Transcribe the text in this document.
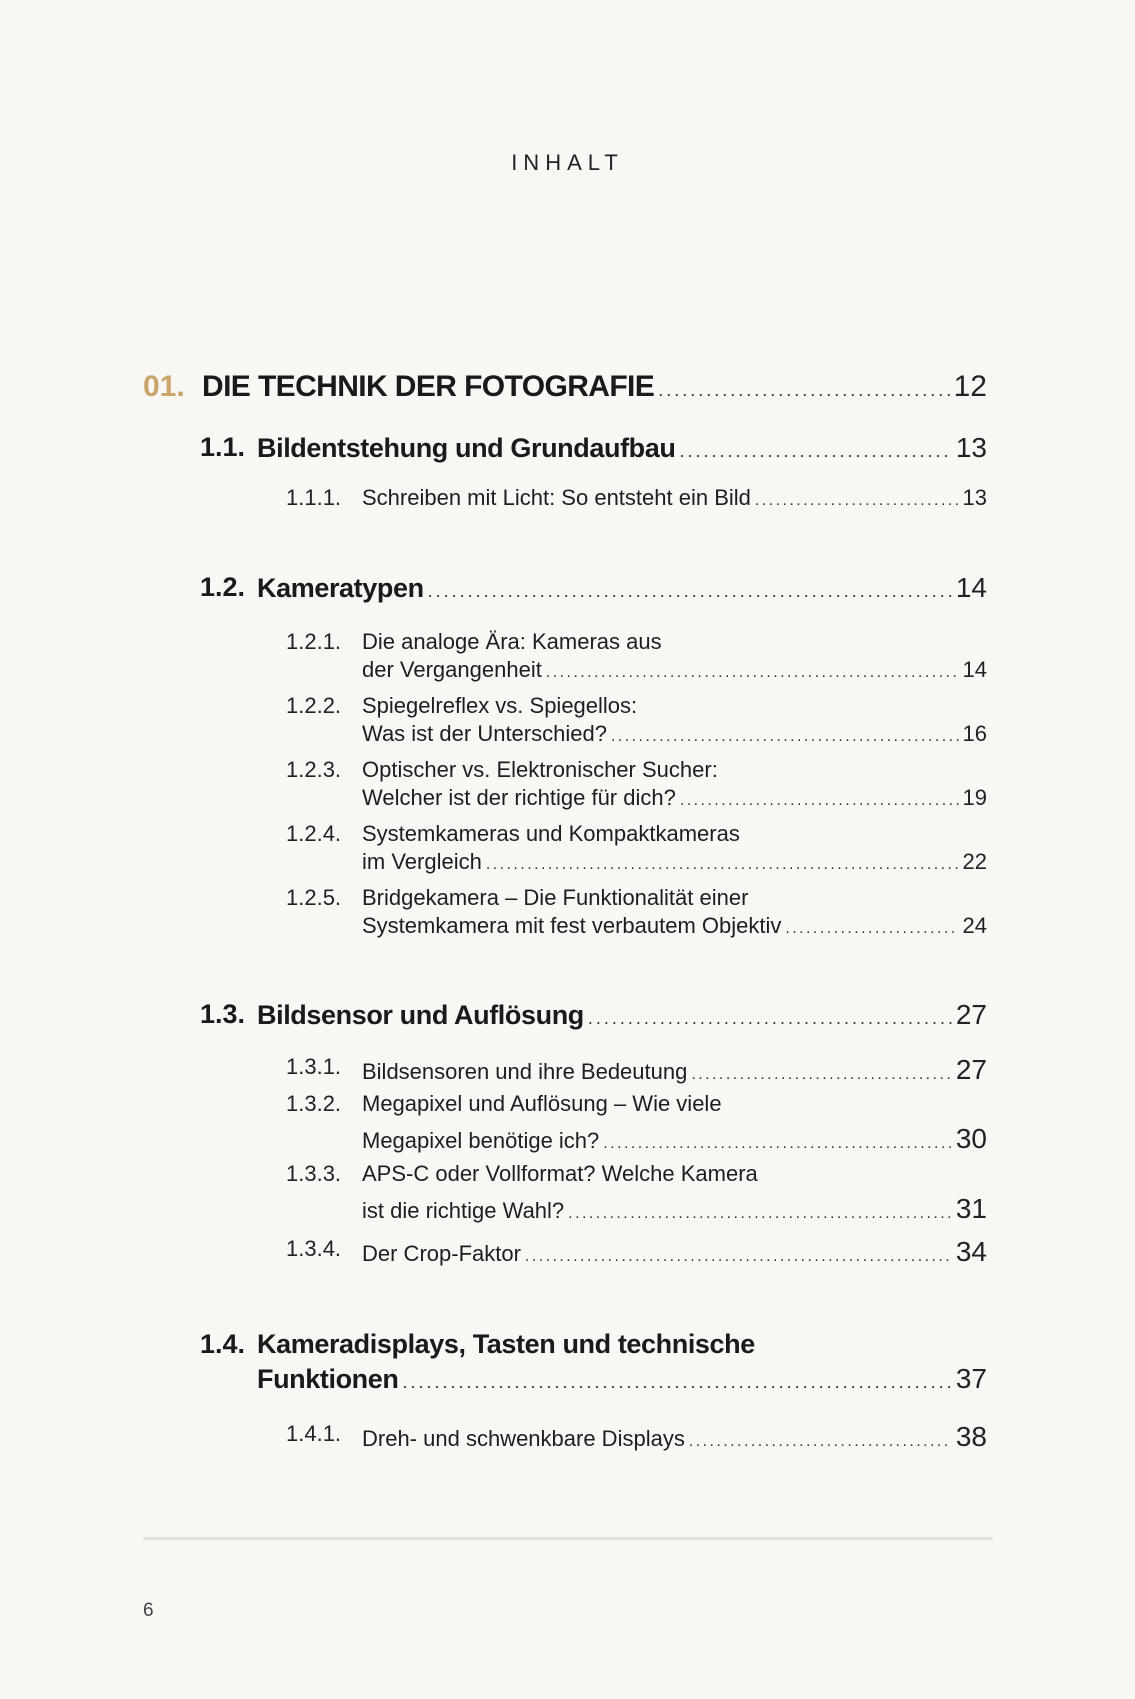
INHALT
01. DIE TECHNIK DER FOTOGRAFIE . . .	12
1.1. Bildentstehung und Grundaufbau . . .	13
1.1.1. Schreiben mit Licht: So entsteht ein Bild . . .	13
1.2. Kameratypen . . .	14
1.2.1. Die analoge Ära: Kameras aus
der Vergangenheit . . .	14
1.2.2. Spiegelreflex vs. Spiegellos:
Was ist der Unterschied? . . .	16
1.2.3. Optischer vs. Elektronischer Sucher:
Welcher ist der richtige für dich? . . .	19
1.2.4. Systemkameras und Kompaktkameras
im Vergleich . . .	22
1.2.5. Bridgekamera – Die Funktionalität einer
Systemkamera mit fest verbautem Objektiv . . .	24
1.3. Bildsensor und Auflösung . . .	27
1.3.1. Bildsensoren und ihre Bedeutung . . .	27
1.3.2. Megapixel und Auflösung – Wie viele
Megapixel benötige ich? . . .	30
1.3.3. APS-C oder Vollformat? Welche Kamera
ist die richtige Wahl? . . .	31
1.3.4. Der Crop-Faktor . . .	34
1.4. Kameradisplays, Tasten und technische
Funktionen . . .	37
1.4.1. Dreh- und schwenkbare Displays . . .	38
6
